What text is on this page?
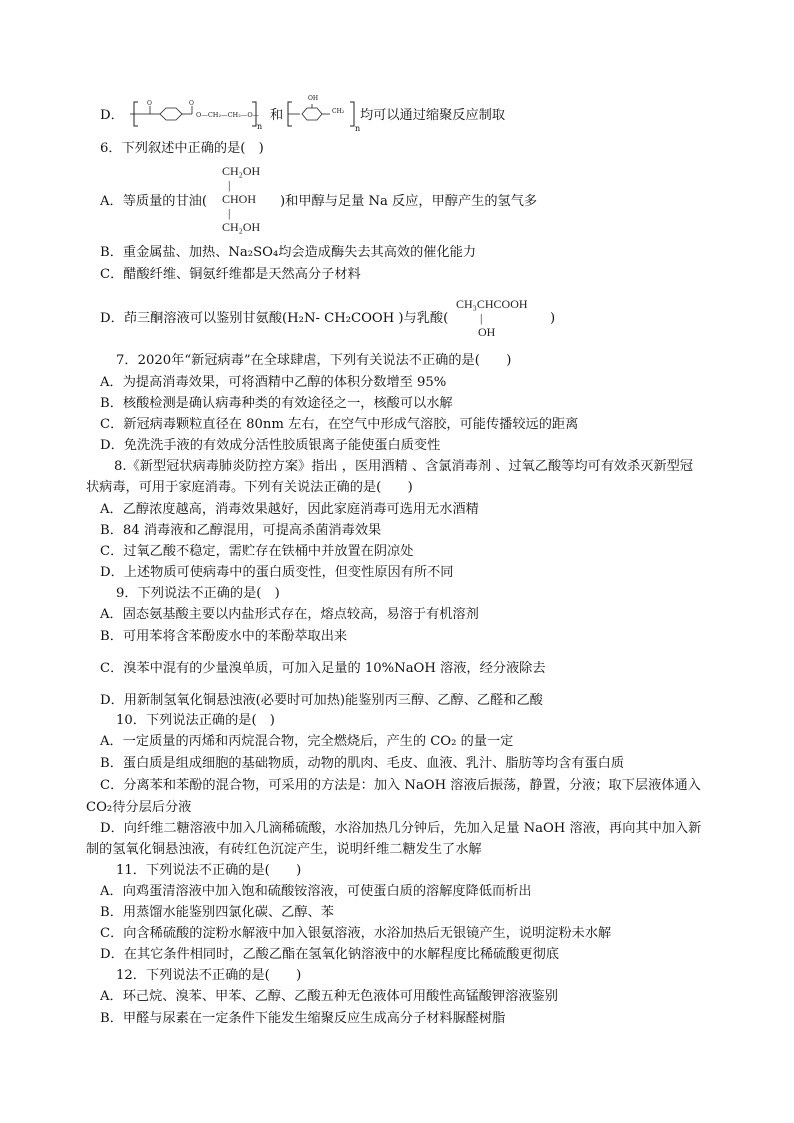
D．
O	O
O—CH₂—CH₂—O—
n
和
OH
CH₂
n
均可以通过缩聚反应制取
6．下列叙述中正确的是(　)
CH₂OH
|
CHOH
|
CH₂OH
A．等质量的甘油(	)和甲醇与足量 Na 反应，甲醇产生的氢气多
B．重金属盐、加热、Na₂SO₄均会造成酶失去其高效的催化能力
C．醋酸纤维、铜氨纤维都是天然高分子材料
D．茚三酮溶液可以鉴别甘氨酸(H₂N- CH₂COOH )与乳酸(
CH₃CHCOOH
|
OH
)
7．2020年“新冠病毒”在全球肆虐，下列有关说法不正确的是(　　)
A．为提高消毒效果，可将酒精中乙醇的体积分数增至 95%
B．核酸检测是确认病毒种类的有效途径之一，核酸可以水解
C．新冠病毒颗粒直径在 80nm 左右，在空气中形成气溶胶，可能传播较远的距离
D．免洗洗手液的有效成分活性胶质银离子能使蛋白质变性
8.《新型冠状病毒肺炎防控方案》指出 ，医用酒精 、含氯消毒剂 、过氧乙酸等均可有效杀灭新型冠
状病毒，可用于家庭消毒。下列有关说法正确的是(　　)
A．乙醇浓度越高，消毒效果越好，因此家庭消毒可选用无水酒精
B．84 消毒液和乙醇混用，可提高杀菌消毒效果
C．过氧乙酸不稳定，需贮存在铁桶中并放置在阴凉处
D．上述物质可使病毒中的蛋白质变性，但变性原因有所不同
9．下列说法不正确的是(　)
A．固态氨基酸主要以内盐形式存在，熔点较高，易溶于有机溶剂
B．可用苯将含苯酚废水中的苯酚萃取出来
C．溴苯中混有的少量溴单质，可加入足量的 10%NaOH 溶液，经分液除去
D．用新制氢氧化铜悬浊液(必要时可加热)能鉴别丙三醇、乙醇、乙醛和乙酸
10．下列说法正确的是(　)
A．一定质量的丙烯和丙烷混合物，完全燃烧后，产生的 CO₂ 的量一定
B．蛋白质是组成细胞的基础物质，动物的肌肉、毛皮、血液、乳汁、脂肪等均含有蛋白质
C．分离苯和苯酚的混合物，可采用的方法是：加入 NaOH 溶液后振荡，静置，分液；取下层液体通入
CO₂待分层后分液
D．向纤维二糖溶液中加入几滴稀硫酸，水浴加热几分钟后，先加入足量 NaOH 溶液，再向其中加入新
制的氢氧化铜悬浊液，有砖红色沉淀产生，说明纤维二糖发生了水解
11．下列说法不正确的是(　　)
A．向鸡蛋清溶液中加入饱和硫酸铵溶液，可使蛋白质的溶解度降低而析出
B．用蒸馏水能鉴别四氯化碳、乙醇、苯
C．向含稀硫酸的淀粉水解液中加入银氨溶液，水浴加热后无银镜产生，说明淀粉未水解
D．在其它条件相同时，乙酸乙酯在氢氧化钠溶液中的水解程度比稀硫酸更彻底
12．下列说法不正确的是(　　)
A．环己烷、溴苯、甲苯、乙醇、乙酸五种无色液体可用酸性高锰酸钾溶液鉴别
B．甲醛与尿素在一定条件下能发生缩聚反应生成高分子材料脲醛树脂
